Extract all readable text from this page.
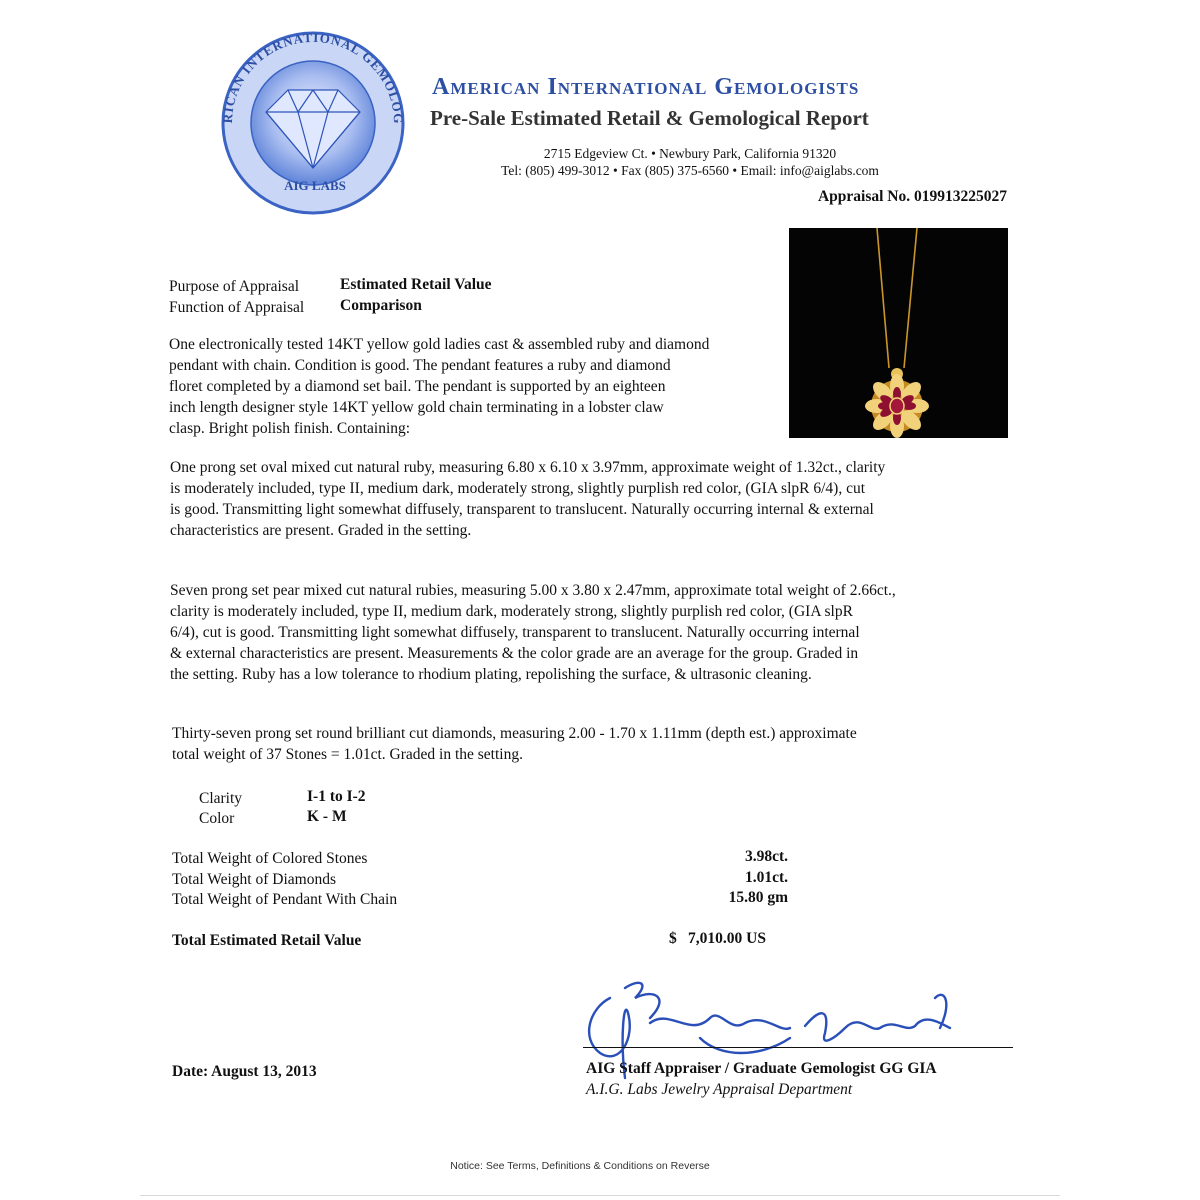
RICAN INTERNATIONAL GEMOLOG
AIG LABS
American International Gemologists
Pre-Sale Estimated Retail & Gemological Report
2715 Edgeview Ct. • Newbury Park, California 91320
Tel: (805) 499-3012 • Fax (805) 375-6560 • Email: info@aiglabs.com
Appraisal No. 019913225027
Purpose of Appraisal	Estimated Retail Value
Function of Appraisal Comparison
One electronically tested 14KT yellow gold ladies cast & assembled ruby and diamond
pendant with chain. Condition is good. The pendant features a ruby and diamond
floret completed by a diamond set bail. The pendant is supported by an eighteen
inch length designer style 14KT yellow gold chain terminating in a lobster claw
clasp. Bright polish finish. Containing:
One prong set oval mixed cut natural ruby, measuring 6.80 x 6.10 x 3.97mm, approximate weight of 1.32ct., clarity
is moderately included, type II, medium dark, moderately strong, slightly purplish red color, (GIA slpR 6/4), cut
is good. Transmitting light somewhat diffusely, transparent to translucent. Naturally occurring internal & external
characteristics are present. Graded in the setting.
Seven prong set pear mixed cut natural rubies, measuring 5.00 x 3.80 x 2.47mm, approximate total weight of 2.66ct.,
clarity is moderately included, type II, medium dark, moderately strong, slightly purplish red color, (GIA slpR
6/4), cut is good. Transmitting light somewhat diffusely, transparent to translucent. Naturally occurring internal
& external characteristics are present. Measurements & the color grade are an average for the group. Graded in
the setting. Ruby has a low tolerance to rhodium plating, repolishing the surface, & ultrasonic cleaning.
Thirty-seven prong set round brilliant cut diamonds, measuring 2.00 - 1.70 x 1.11mm (depth est.) approximate
total weight of 37 Stones = 1.01ct. Graded in the setting.
Clarity	I-1 to I-2
Color	K - M
Total Weight of Colored Stones	3.98ct.
Total Weight of Diamonds	1.01ct.
Total Weight of Pendant With Chain	15.80 gm
Total Estimated Retail Value	$ 7,010.00 US
AIG Staff Appraiser / Graduate Gemologist GG GIA
A.I.G. Labs Jewelry Appraisal Department
Date: August 13, 2013
Notice: See Terms, Definitions & Conditions on Reverse
